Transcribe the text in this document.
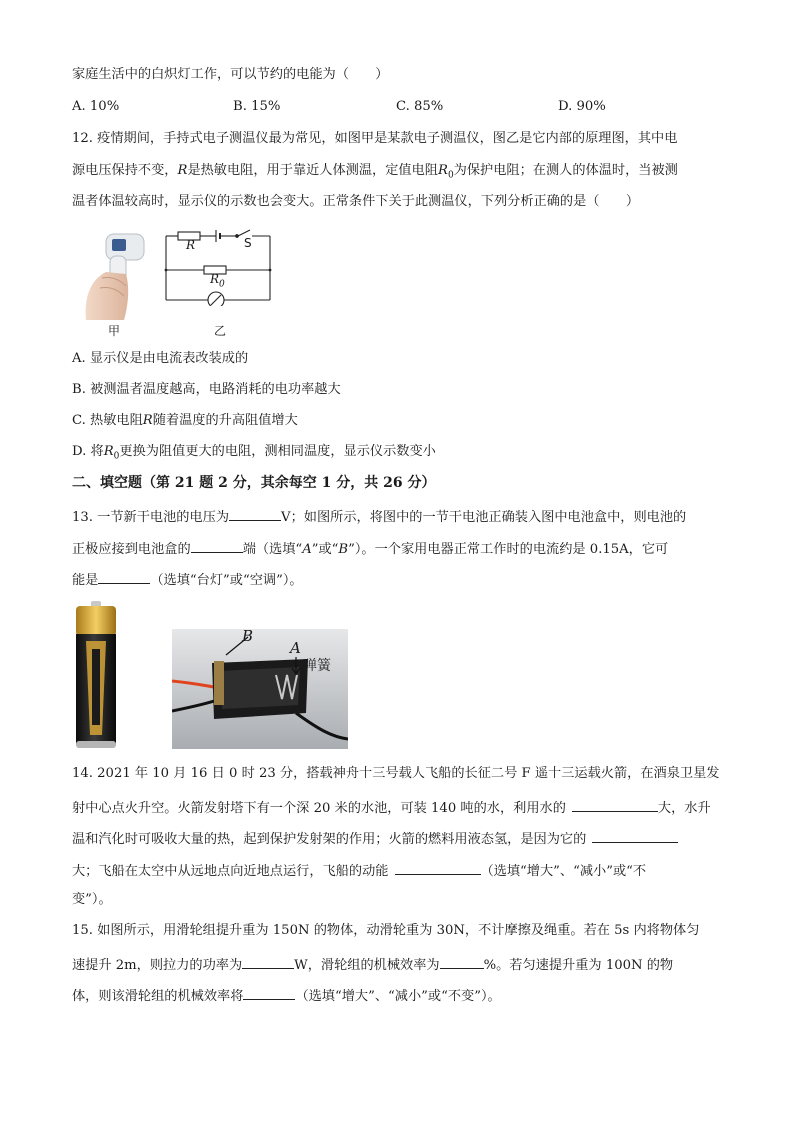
家庭生活中的白炽灯工作，可以节约的电能为（　　）
A. 10%	B. 15%	C. 85%	D. 90%
12. 疫情期间，手持式电子测温仪最为常见，如图甲是某款电子测温仪，图乙是它内部的原理图，其中电
源电压保持不变，R是热敏电阻，用于靠近人体测温，定值电阻$R_0$为保护电阻；在测人的体温时，当被测
温者体温较高时，显示仪的示数也会变大。正常条件下关于此测温仪，下列分析正确的是（　　）
甲
R	S
$R_0$
乙
A. 显示仪是由电流表改装成的
B. 被测温者温度越高，电路消耗的电功率越大
C. 热敏电阻R随着温度的升高阻值增大
D. 将$R_0$更换为阻值更大的电阻，测相同温度，显示仪示数变小
二、填空题（第 21 题 2 分，其余每空 1 分，共 26 分）
13. 一节新干电池的电压为	V；如图所示，将图中的一节干电池正确装入图中电池盒中，则电池的
正极应接到电池盒的	端（选填“A”或“B”）。一个家用电器正常工作时的电流约是 0.15A，它可
能是	（选填“台灯”或“空调”）。
B
A
弹簧
14. 2021 年 10 月 16 日 0 时 23 分，搭载神舟十三号载人飞船的长征二号 F 遥十三运载火箭，在酒泉卫星发
射中心点火升空。火箭发射塔下有一个深 20 米的水池，可装 140 吨的水，利用水的	大，水升
温和汽化时可吸收大量的热，起到保护发射架的作用；火箭的燃料用液态氢，是因为它的
大；飞船在太空中从远地点向近地点运行，飞船的动能	（选填“增大”、“减小”或“不
变”）。
15. 如图所示，用滑轮组提升重为 150N 的物体，动滑轮重为 30N，不计摩擦及绳重。若在 5s 内将物体匀
速提升 2m，则拉力的功率为	W，滑轮组的机械效率为	%。若匀速提升重为 100N 的物
体，则该滑轮组的机械效率将	（选填“增大”、“减小”或“不变”）。
